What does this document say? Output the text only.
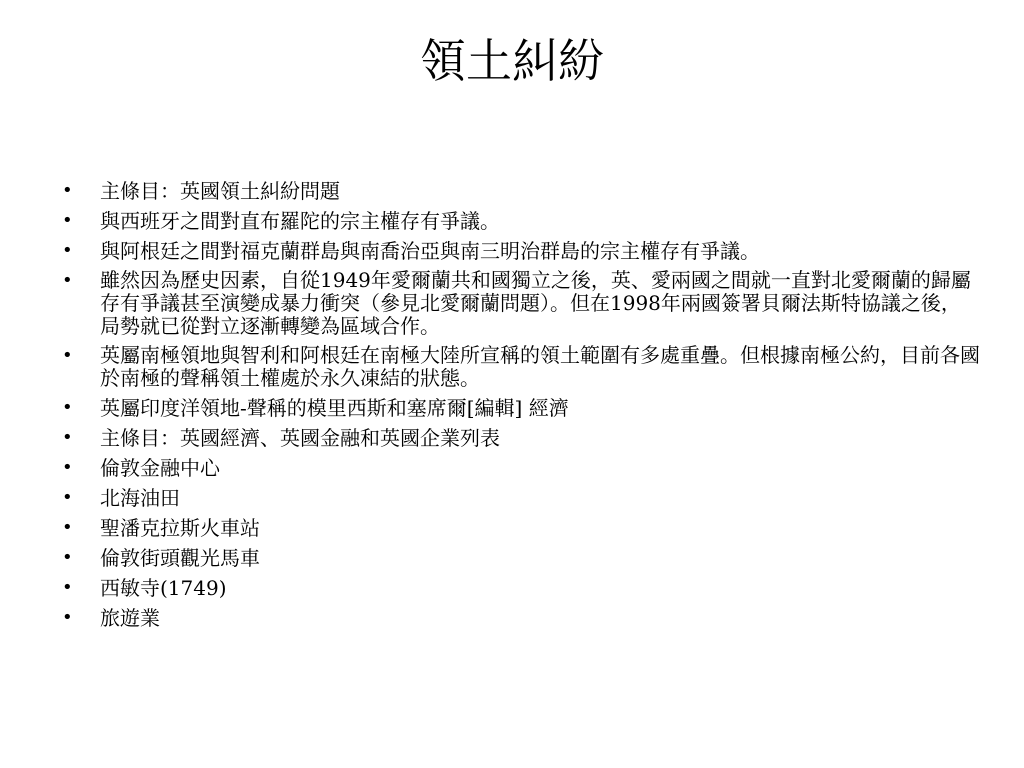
領土糾紛
• 主條目：英國領土糾紛問題
• 與西班牙之間對直布羅陀的宗主權存有爭議。
• 與阿根廷之間對福克蘭群島與南喬治亞與南三明治群島的宗主權存有爭議。
• 雖然因為歷史因素，自從1949年愛爾蘭共和國獨立之後，英、愛兩國之間就一直對北愛爾蘭的歸屬存有爭議甚至演變成暴力衝突（參見北愛爾蘭問題）。但在1998年兩國簽署貝爾法斯特協議之後，局勢就已從對立逐漸轉變為區域合作。
• 英屬南極領地與智利和阿根廷在南極大陸所宣稱的領土範圍有多處重疊。但根據南極公約，目前各國於南極的聲稱領土權處於永久凍結的狀態。
• 英屬印度洋領地-聲稱的模里西斯和塞席爾[編輯] 經濟
• 主條目：英國經濟、英國金融和英國企業列表
• 倫敦金融中心
• 北海油田
• 聖潘克拉斯火車站
• 倫敦街頭觀光馬車
• 西敏寺(1749)
• 旅遊業
